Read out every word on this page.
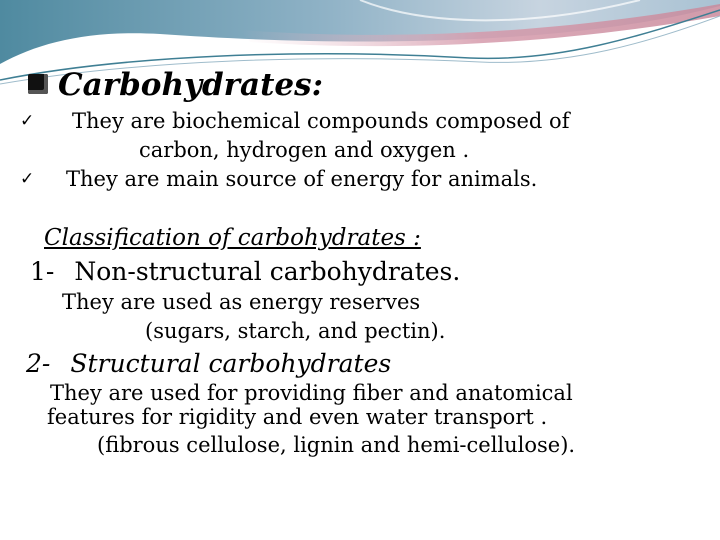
Carbohydrates:
✓ They are biochemical compounds composed of
carbon, hydrogen and oxygen .
✓ They are main source of energy for animals.
Classification of carbohydrates :
1- Non-structural carbohydrates.
They are used as energy reserves
(sugars, starch, and pectin).
2- Structural carbohydrates
They are used for providing fiber and anatomical
features for rigidity and even water transport .
(fibrous cellulose, lignin and hemi-cellulose).
